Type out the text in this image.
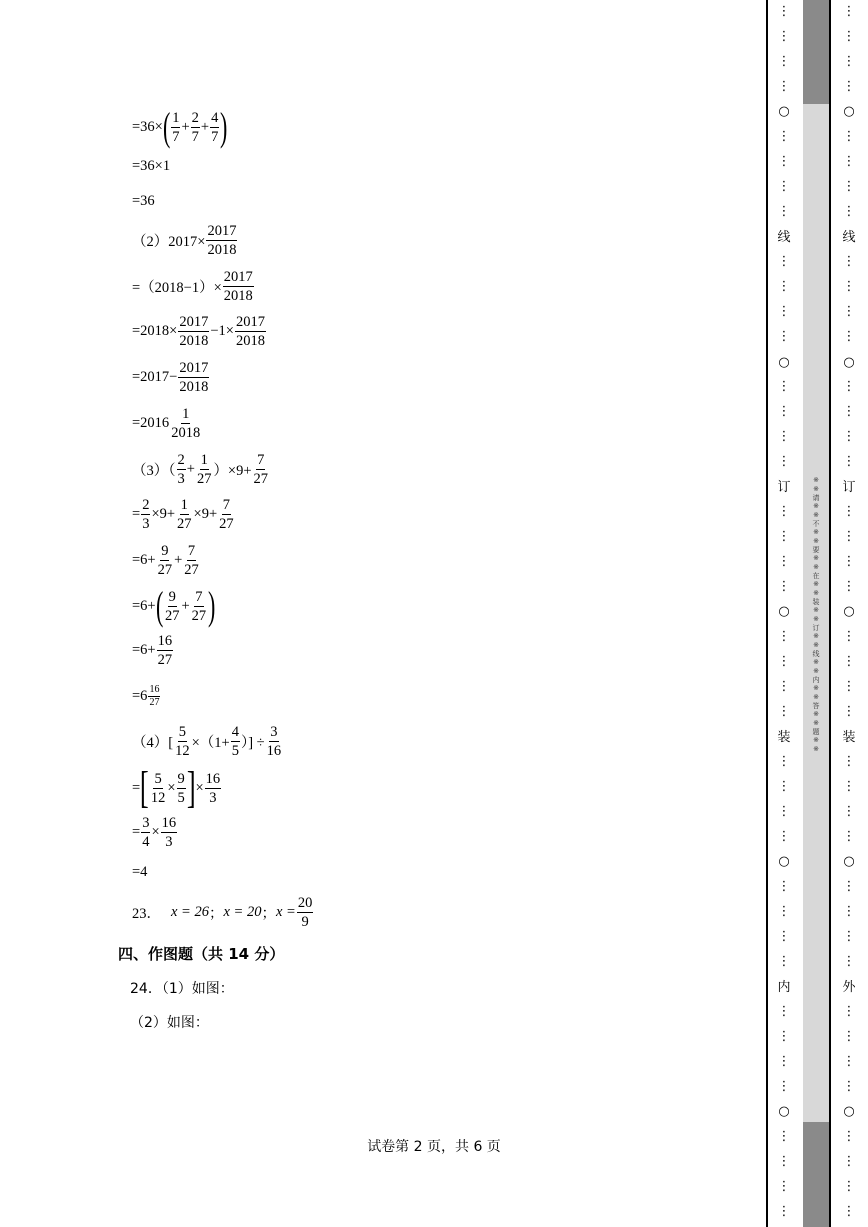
=36× ( $\frac{1}{7} + \frac{2}{7} + \frac{4}{7}$ )
=36×1
=36
$(2)2017\times \frac{2017}{2018}$
$=(2018-1)\times \frac{2017}{2018}$
$=2018\times \frac{2017}{2018} -1\times \frac{2017}{2018}$
$=2017- \frac{2017}{2018}$
$=2016 \frac{1}{2018}$
$(3)( \frac{2}{3} + \frac{1}{27} )\times 9+ \frac{7}{27}$
= $\frac{2}{3} \times 9+ \frac{1}{27} \times 9+ \frac{7}{27}$
$=6+ \frac{9}{27} + \frac{7}{27}$
=6+ ( $\frac{9}{27} + \frac{7}{27}$ )
$=6+ \frac{16}{27}$
$=6 \frac{16}{27}$
$(4)[ \frac{5}{12} \times(1+ \frac{4}{5}$ ）] ÷ $\frac{3}{16}$
= [ $\frac{5}{12} \times \frac{9}{5}$ ] × $\frac{16}{3}$
= $\frac{3}{4} \times \frac{16}{3}$
=4
23． x = 26 ； x = 20 ； $x = \frac{20}{9}$
四、作图题（共 14 分）
24．（1）如图：
（2）如图：
试卷第 2 页，共 6 页
※※请※※不※※要※※在※※装※※订※※线※※内※※答※※题※※
○
○
○
○
○
线
订
装
内
⋮
⋮
⋮
⋮
⋮
⋮
⋮
⋮
⋮
⋮
⋮
⋮
⋮
⋮
⋮
⋮
⋮
⋮
⋮
⋮
⋮
⋮
⋮
⋮
⋮
⋮
⋮
⋮
⋮
⋮
⋮
⋮
⋮
⋮
⋮
⋮
⋮
⋮
⋮
⋮
○
○
○
○
○
线
订
装
外
⋮
⋮
⋮
⋮
⋮
⋮
⋮
⋮
⋮
⋮
⋮
⋮
⋮
⋮
⋮
⋮
⋮
⋮
⋮
⋮
⋮
⋮
⋮
⋮
⋮
⋮
⋮
⋮
⋮
⋮
⋮
⋮
⋮
⋮
⋮
⋮
⋮
⋮
⋮
⋮
